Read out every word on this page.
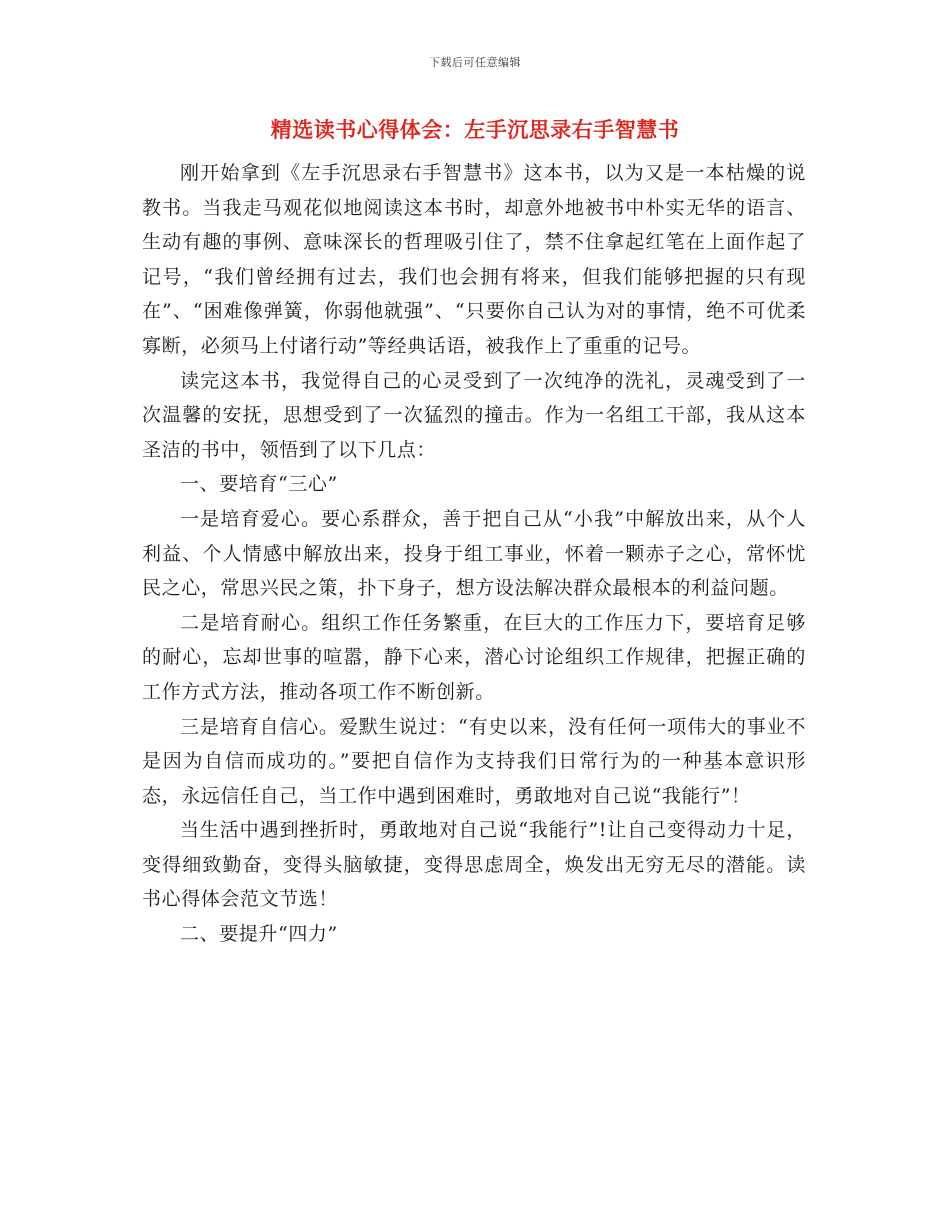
下载后可任意编辑
精选读书心得体会：左手沉思录右手智慧书

刚开始拿到《左手沉思录右手智慧书》这本书，以为又是一本枯燥的说教书。当我走马观花似地阅读这本书时，却意外地被书中朴实无华的语言、生动有趣的事例、意味深长的哲理吸引住了，禁不住拿起红笔在上面作起了记号，“我们曾经拥有过去，我们也会拥有将来，但我们能够把握的只有现在”、“困难像弹簧，你弱他就强”、“只要你自己认为对的事情，绝不可优柔寡断，必须马上付诸行动”等经典话语，被我作上了重重的记号。

读完这本书，我觉得自己的心灵受到了一次纯净的洗礼，灵魂受到了一次温馨的安抚，思想受到了一次猛烈的撞击。作为一名组工干部，我从这本圣洁的书中，领悟到了以下几点：

一、要培育“三心”

一是培育爱心。要心系群众，善于把自己从“小我”中解放出来，从个人利益、个人情感中解放出来，投身于组工事业，怀着一颗赤子之心，常怀忧民之心，常思兴民之策，扑下身子，想方设法解决群众最根本的利益问题。

二是培育耐心。组织工作任务繁重，在巨大的工作压力下，要培育足够的耐心，忘却世事的喧嚣，静下心来，潜心讨论组织工作规律，把握正确的工作方式方法，推动各项工作不断创新。

三是培育自信心。爱默生说过：“有史以来，没有任何一项伟大的事业不是因为自信而成功的。”要把自信作为支持我们日常行为的一种基本意识形态，永远信任自己，当工作中遇到困难时，勇敢地对自己说“我能行”！

当生活中遇到挫折时，勇敢地对自己说“我能行”!让自己变得动力十足，变得细致勤奋，变得头脑敏捷，变得思虑周全，焕发出无穷无尽的潜能。读书心得体会范文节选！

二、要提升“四力”
